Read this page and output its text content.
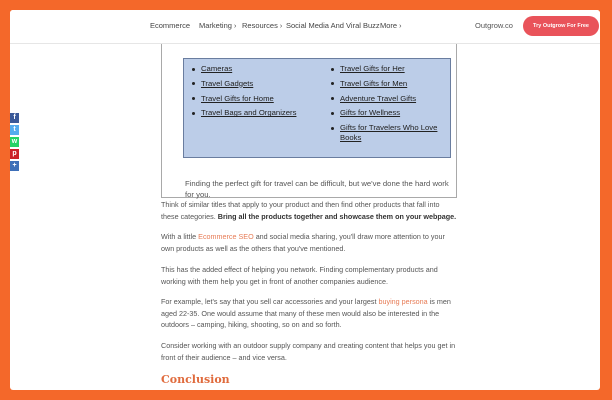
Ecommerce Marketing › Resources › Social Media And Viral Buzz More ›	Outgrow.co	Try Outgrow For Free
f
t
w
p
+
Cameras
Travel Gadgets
Travel Gifts for Home
Travel Bags and Organizers
Travel Gifts for Her
Travel Gifts for Men
Adventure Travel Gifts
Gifts for Wellness
Gifts for Travelers Who Love Books

Finding the perfect gift for travel can be difficult, but we've done the hard work for you.

Think of similar titles that apply to your product and then find other products that fall into these categories. Bring all the products together and showcase them on your webpage.

With a little Ecommerce SEO and social media sharing, you'll draw more attention to your own products as well as the others that you've mentioned.

This has the added effect of helping you network. Finding complementary products and working with them help you get in front of another companies audience.

For example, let's say that you sell car accessories and your largest buying persona is men aged 22-35. One would assume that many of these men would also be interested in the outdoors – camping, hiking, shooting, so on and so forth.

Consider working with an outdoor supply company and creating content that helps you get in front of their audience – and vice versa.

Conclusion
